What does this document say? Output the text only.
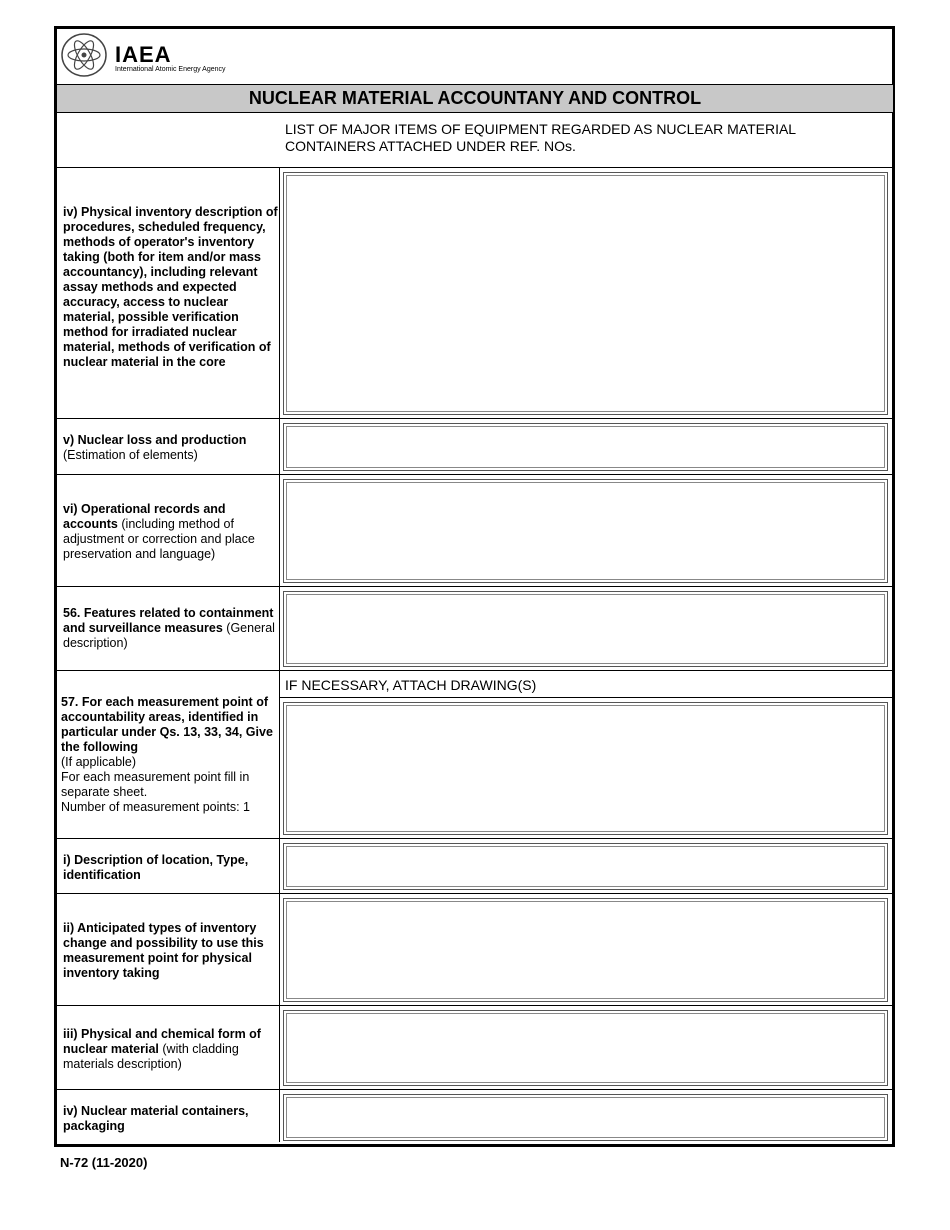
IAEA
International Atomic Energy Agency
NUCLEAR MATERIAL ACCOUNTANY AND CONTROL
LIST OF MAJOR ITEMS OF EQUIPMENT REGARDED AS NUCLEAR MATERIAL
CONTAINERS ATTACHED UNDER REF. NOs.
iv) Physical inventory description of procedures, scheduled frequency, methods of operator's inventory taking (both for item and/or mass accountancy), including relevant assay methods and expected accuracy, access to nuclear material, possible verification method for irradiated nuclear material, methods of verification of nuclear material in the core
v) Nuclear loss and production
(Estimation of elements)
vi) Operational records and accounts (including method of adjustment or correction and place preservation and language)
56. Features related to containment and surveillance measures (General description)
57. For each measurement point of accountability areas, identified in particular under Qs. 13, 33, 34, Give the following
(If applicable)
For each measurement point fill in separate sheet.
Number of measurement points: 1
IF NECESSARY, ATTACH DRAWING(S)
i) Description of location, Type, identification
ii) Anticipated types of inventory change and possibility to use this measurement point for physical inventory taking
iii) Physical and chemical form of nuclear material (with cladding materials description)
iv) Nuclear material containers, packaging
N-72 (11-2020)
